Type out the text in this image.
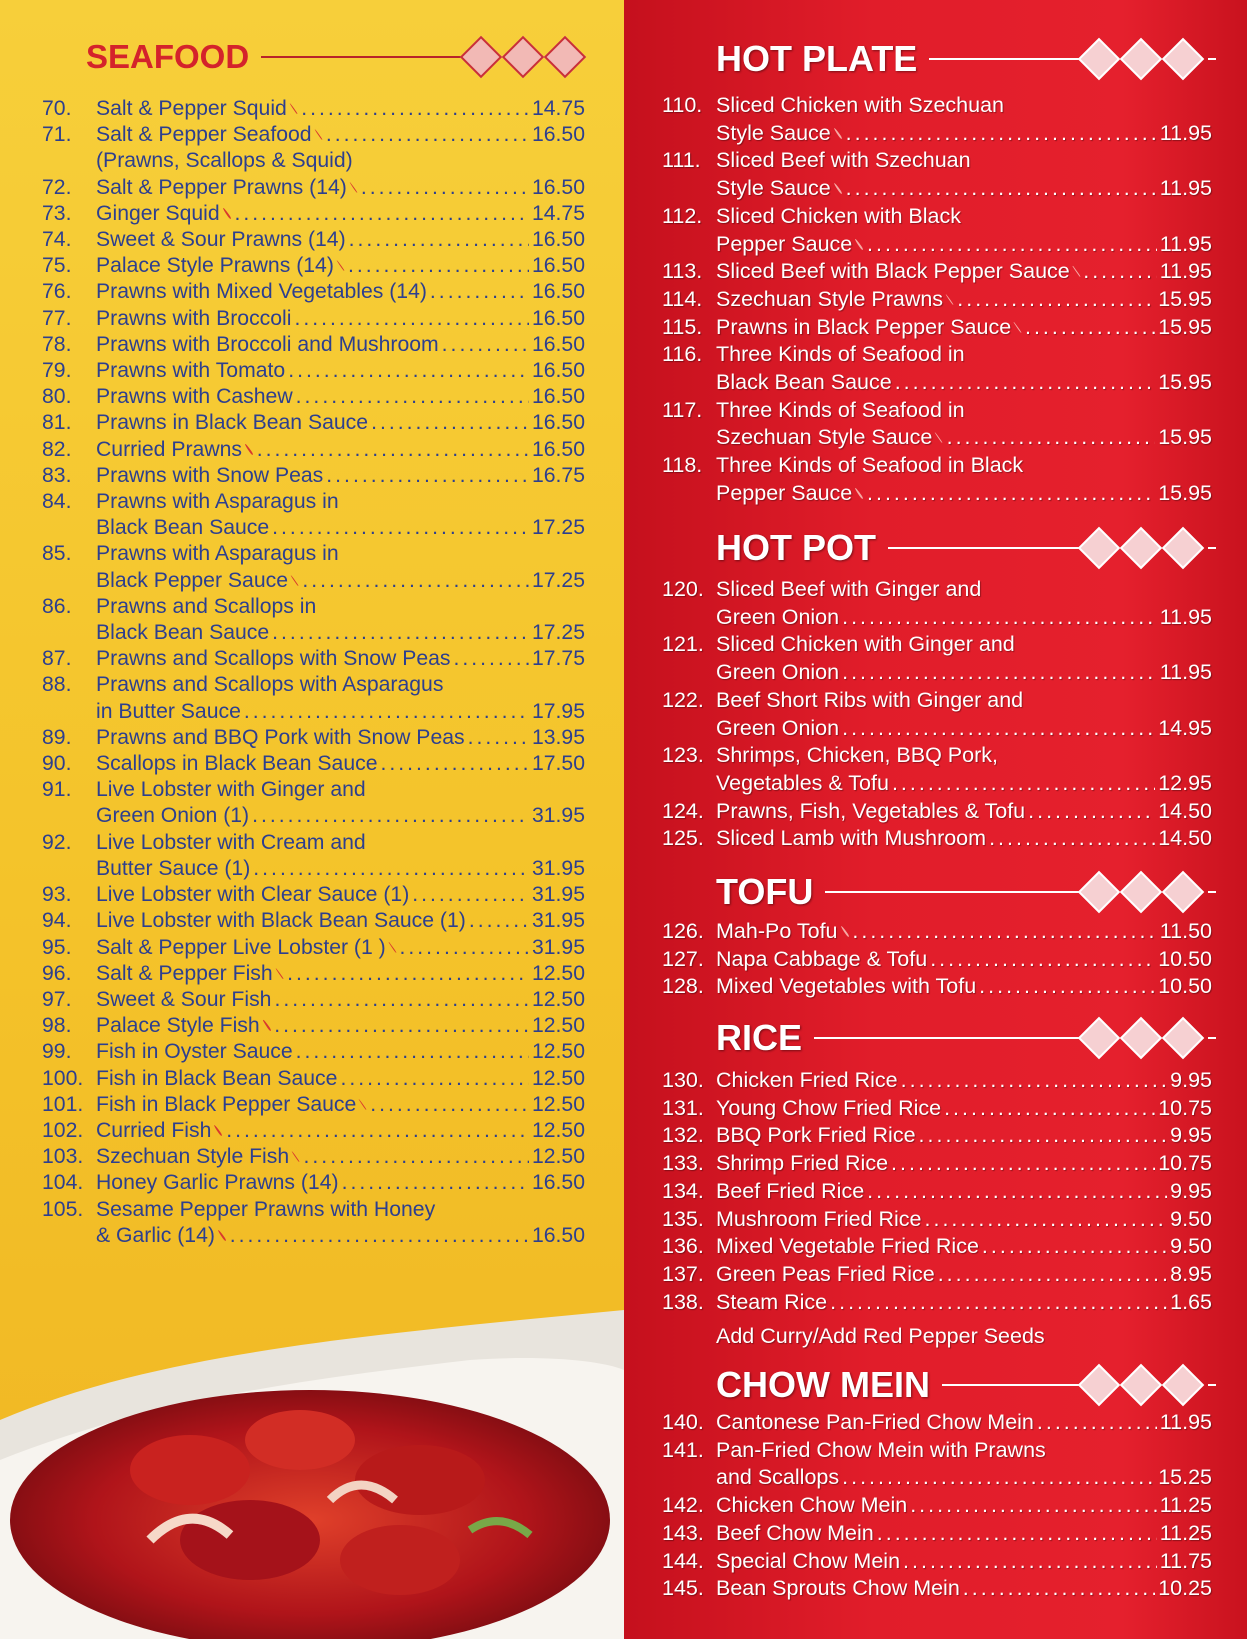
SEAFOOD
70.	Salt & Pepper Squid .....	14.75
71.	Salt & Pepper Seafood .....	16.50
(Prawns, Scallops & Squid)
72.	Salt & Pepper Prawns (14) .....	16.50
73.	Ginger Squid .....	14.75
74.	Sweet & Sour Prawns (14) .....	16.50
75.	Palace Style Prawns (14) .....	16.50
76.	Prawns with Mixed Vegetables (14) .....	16.50
77.	Prawns with Broccoli .....	16.50
78.	Prawns with Broccoli and Mushroom .....	16.50
79.	Prawns with Tomato .....	16.50
80.	Prawns with Cashew .....	16.50
81.	Prawns in Black Bean Sauce .....	16.50
82.	Curried Prawns .....	16.50
83.	Prawns with Snow Peas .....	16.75
84.	Prawns with Asparagus in
Black Bean Sauce .....	17.25
85.	Prawns with Asparagus in
Black Pepper Sauce .....	17.25
86.	Prawns and Scallops in
Black Bean Sauce .....	17.25
87.	Prawns and Scallops with Snow Peas .....	17.75
88.	Prawns and Scallops with Asparagus
in Butter Sauce .....	17.95
89.	Prawns and BBQ Pork with Snow Peas .....	13.95
90.	Scallops in Black Bean Sauce .....	17.50
91.	Live Lobster with Ginger and
Green Onion (1) .....	31.95
92.	Live Lobster with Cream and
Butter Sauce (1) .....	31.95
93.	Live Lobster with Clear Sauce (1) .....	31.95
94.	Live Lobster with Black Bean Sauce (1) .....	31.95
95.	Salt & Pepper Live Lobster (1 ) .....	31.95
96.	Salt & Pepper Fish .....	12.50
97.	Sweet & Sour Fish .....	12.50
98.	Palace Style Fish .....	12.50
99.	Fish in Oyster Sauce .....	12.50
100. Fish in Black Bean Sauce .....	12.50
101. Fish in Black Pepper Sauce .....	12.50
102. Curried Fish .....	12.50
103. Szechuan Style Fish .....	12.50
104. Honey Garlic Prawns (14) .....	16.50
105. Sesame Pepper Prawns with Honey
& Garlic (14) .....	16.50
HOT PLATE
110. Sliced Chicken with Szechuan
Style Sauce .....	11.95
111. Sliced Beef with Szechuan
Style Sauce .....	11.95
112. Sliced Chicken with Black
Pepper Sauce .....	11.95
113. Sliced Beef with Black Pepper Sauce .....	11.95
114. Szechuan Style Prawns .....	15.95
115. Prawns in Black Pepper Sauce .....	15.95
116. Three Kinds of Seafood in
Black Bean Sauce .....	15.95
117. Three Kinds of Seafood in
Szechuan Style Sauce .....	15.95
118. Three Kinds of Seafood in Black
Pepper Sauce .....	15.95
HOT POT
120. Sliced Beef with Ginger and
Green Onion .....	11.95
121. Sliced Chicken with Ginger and
Green Onion .....	11.95
122. Beef Short Ribs with Ginger and
Green Onion .....	14.95
123. Shrimps, Chicken, BBQ Pork,
Vegetables & Tofu .....	12.95
124. Prawns, Fish, Vegetables & Tofu .....	14.50
125. Sliced Lamb with Mushroom .....	14.50
TOFU
126. Mah-Po Tofu .....	11.50
127. Napa Cabbage & Tofu .....	10.50
128. Mixed Vegetables with Tofu .....	10.50
RICE
130. Chicken Fried Rice .....	9.95
131. Young Chow Fried Rice .....	10.75
132. BBQ Pork Fried Rice .....	9.95
133. Shrimp Fried Rice .....	10.75
134. Beef Fried Rice .....	9.95
135. Mushroom Fried Rice .....	9.50
136. Mixed Vegetable Fried Rice .....	9.50
137. Green Peas Fried Rice .....	8.95
138. Steam Rice .....	1.65
Add Curry/Add Red Pepper Seeds
CHOW MEIN
140. Cantonese Pan-Fried Chow Mein .....	11.95
141. Pan-Fried Chow Mein with Prawns
and Scallops .....	15.25
142. Chicken Chow Mein .....	11.25
143. Beef Chow Mein .....	11.25
144. Special Chow Mein .....	11.75
145. Bean Sprouts Chow Mein .....	10.25
